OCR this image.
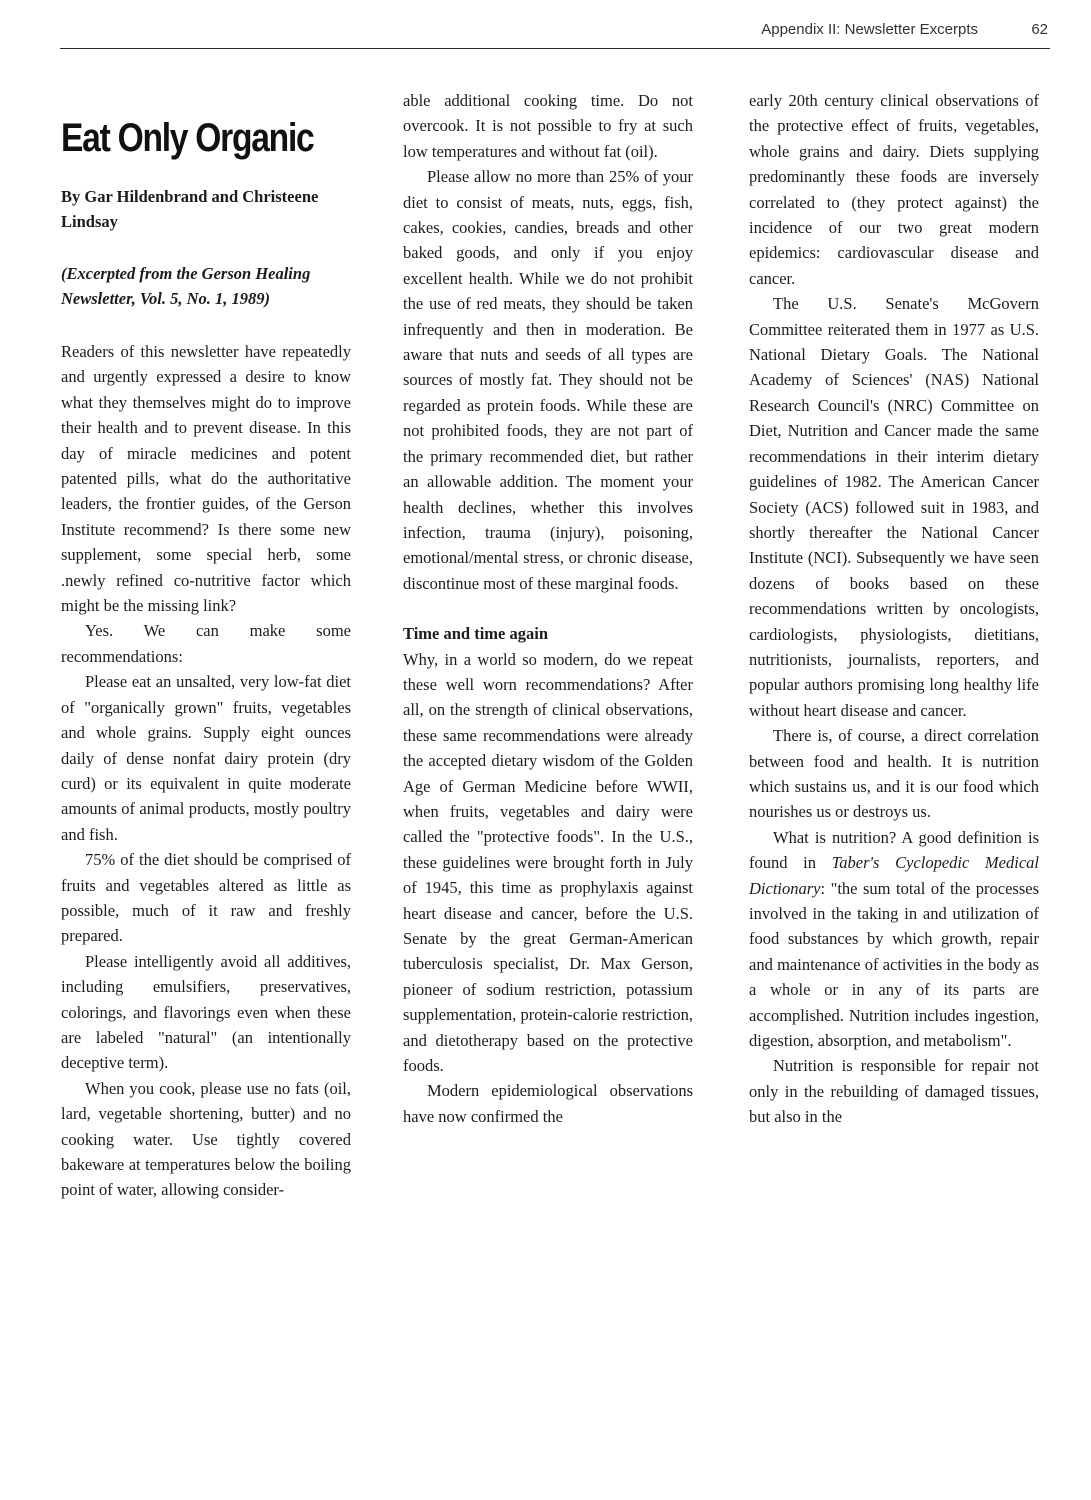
Appendix II: Newsletter Excerpts	62
Eat Only Organic
By Gar Hildenbrand and Christeene Lindsay
(Excerpted from the Gerson Healing Newsletter, Vol. 5, No. 1, 1989)

Readers of this newsletter have repeatedly and urgently expressed a desire to know what they themselves might do to improve their health and to prevent disease. In this day of miracle medicines and potent patented pills, what do the authoritative leaders, the frontier guides, of the Gerson Institute recommend? Is there some new supplement, some special herb, some .newly refined co-nutritive factor which might be the missing link?

Yes. We can make some recommendations:

Please eat an unsalted, very low-fat diet of "organically grown" fruits, vegetables and whole grains. Supply eight ounces daily of dense nonfat dairy protein (dry curd) or its equivalent in quite moderate amounts of animal products, mostly poultry and fish.

75% of the diet should be comprised of fruits and vegetables altered as little as possible, much of it raw and freshly prepared.

Please intelligently avoid all additives, including emulsifiers, preservatives, colorings, and flavorings even when these are labeled "natural" (an intentionally deceptive term).

When you cook, please use no fats (oil, lard, vegetable shortening, butter) and no cooking water. Use tightly covered bakeware at temperatures below the boiling point of water, allowing consider-

able additional cooking time. Do not overcook. It is not possible to fry at such low temperatures and without fat (oil).

Please allow no more than 25% of your diet to consist of meats, nuts, eggs, fish, cakes, cookies, candies, breads and other baked goods, and only if you enjoy excellent health. While we do not prohibit the use of red meats, they should be taken infrequently and then in moderation. Be aware that nuts and seeds of all types are sources of mostly fat. They should not be regarded as protein foods. While these are not prohibited foods, they are not part of the primary recommended diet, but rather an allowable addition. The moment your health declines, whether this involves infection, trauma (injury), poisoning, emotional/mental stress, or chronic disease, discontinue most of these marginal foods.

Time and time again

Why, in a world so modern, do we repeat these well worn recommendations? After all, on the strength of clinical observations, these same recommendations were already the accepted dietary wisdom of the Golden Age of German Medicine before WWII, when fruits, vegetables and dairy were called the "protective foods". In the U.S., these guidelines were brought forth in July of 1945, this time as prophylaxis against heart disease and cancer, before the U.S. Senate by the great German-American tuberculosis specialist, Dr. Max Gerson, pioneer of sodium restriction, potassium supplementation, protein-calorie restriction, and dietotherapy based on the protective foods.

Modern epidemiological observations have now confirmed the

early 20th century clinical observations of the protective effect of fruits, vegetables, whole grains and dairy. Diets supplying predominantly these foods are inversely correlated to (they protect against) the incidence of our two great modern epidemics: cardiovascular disease and cancer.

The U.S. Senate's McGovern Committee reiterated them in 1977 as U.S. National Dietary Goals. The National Academy of Sciences' (NAS) National Research Council's (NRC) Committee on Diet, Nutrition and Cancer made the same recommendations in their interim dietary guidelines of 1982. The American Cancer Society (ACS) followed suit in 1983, and shortly thereafter the National Cancer Institute (NCI). Subsequently we have seen dozens of books based on these recommendations written by oncologists, cardiologists, physiologists, dietitians, nutritionists, journalists, reporters, and popular authors promising long healthy life without heart disease and cancer.

There is, of course, a direct correlation between food and health. It is nutrition which sustains us, and it is our food which nourishes us or destroys us.

What is nutrition? A good definition is found in Taber's Cyclopedic Medical Dictionary: "the sum total of the processes involved in the taking in and utilization of food substances by which growth, repair and maintenance of activities in the body as a whole or in any of its parts are accomplished. Nutrition includes ingestion, digestion, absorption, and metabolism".

Nutrition is responsible for repair not only in the rebuilding of damaged tissues, but also in the
